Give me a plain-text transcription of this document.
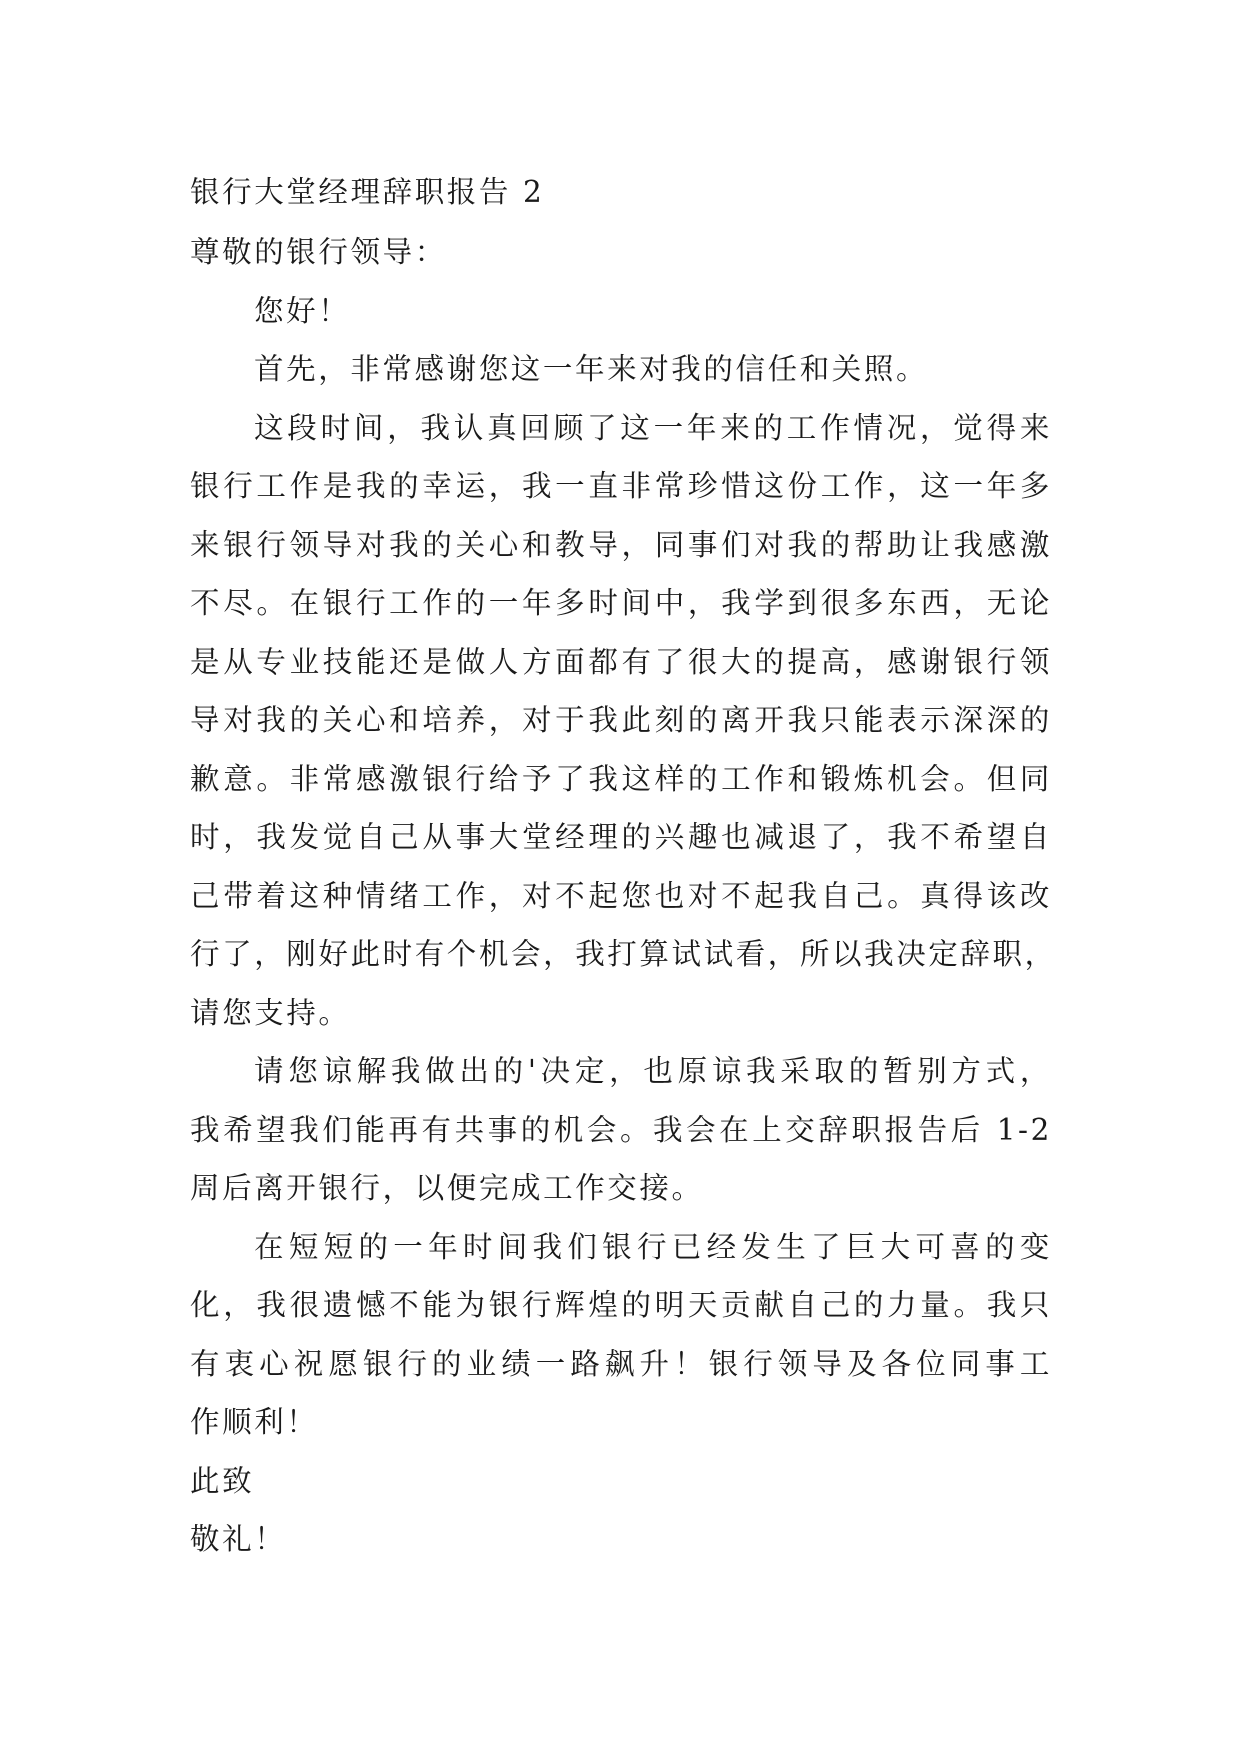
银行大堂经理辞职报告 2
尊敬的银行领导：
您好！
首先，非常感谢您这一年来对我的信任和关照。
这段时间，我认真回顾了这一年来的工作情况，觉得来
银行工作是我的幸运，我一直非常珍惜这份工作，这一年多
来银行领导对我的关心和教导，同事们对我的帮助让我感激
不尽。在银行工作的一年多时间中，我学到很多东西，无论
是从专业技能还是做人方面都有了很大的提高，感谢银行领
导对我的关心和培养，对于我此刻的离开我只能表示深深的
歉意。非常感激银行给予了我这样的工作和锻炼机会。但同
时，我发觉自己从事大堂经理的兴趣也减退了，我不希望自
己带着这种情绪工作，对不起您也对不起我自己。真得该改
行了，刚好此时有个机会，我打算试试看，所以我决定辞职，
请您支持。
请您谅解我做出的'决定，也原谅我采取的暂别方式，
我希望我们能再有共事的机会。我会在上交辞职报告后 1-2
周后离开银行，以便完成工作交接。
在短短的一年时间我们银行已经发生了巨大可喜的变
化，我很遗憾不能为银行辉煌的明天贡献自己的力量。我只
有衷心祝愿银行的业绩一路飙升！银行领导及各位同事工
作顺利！
此致
敬礼！
